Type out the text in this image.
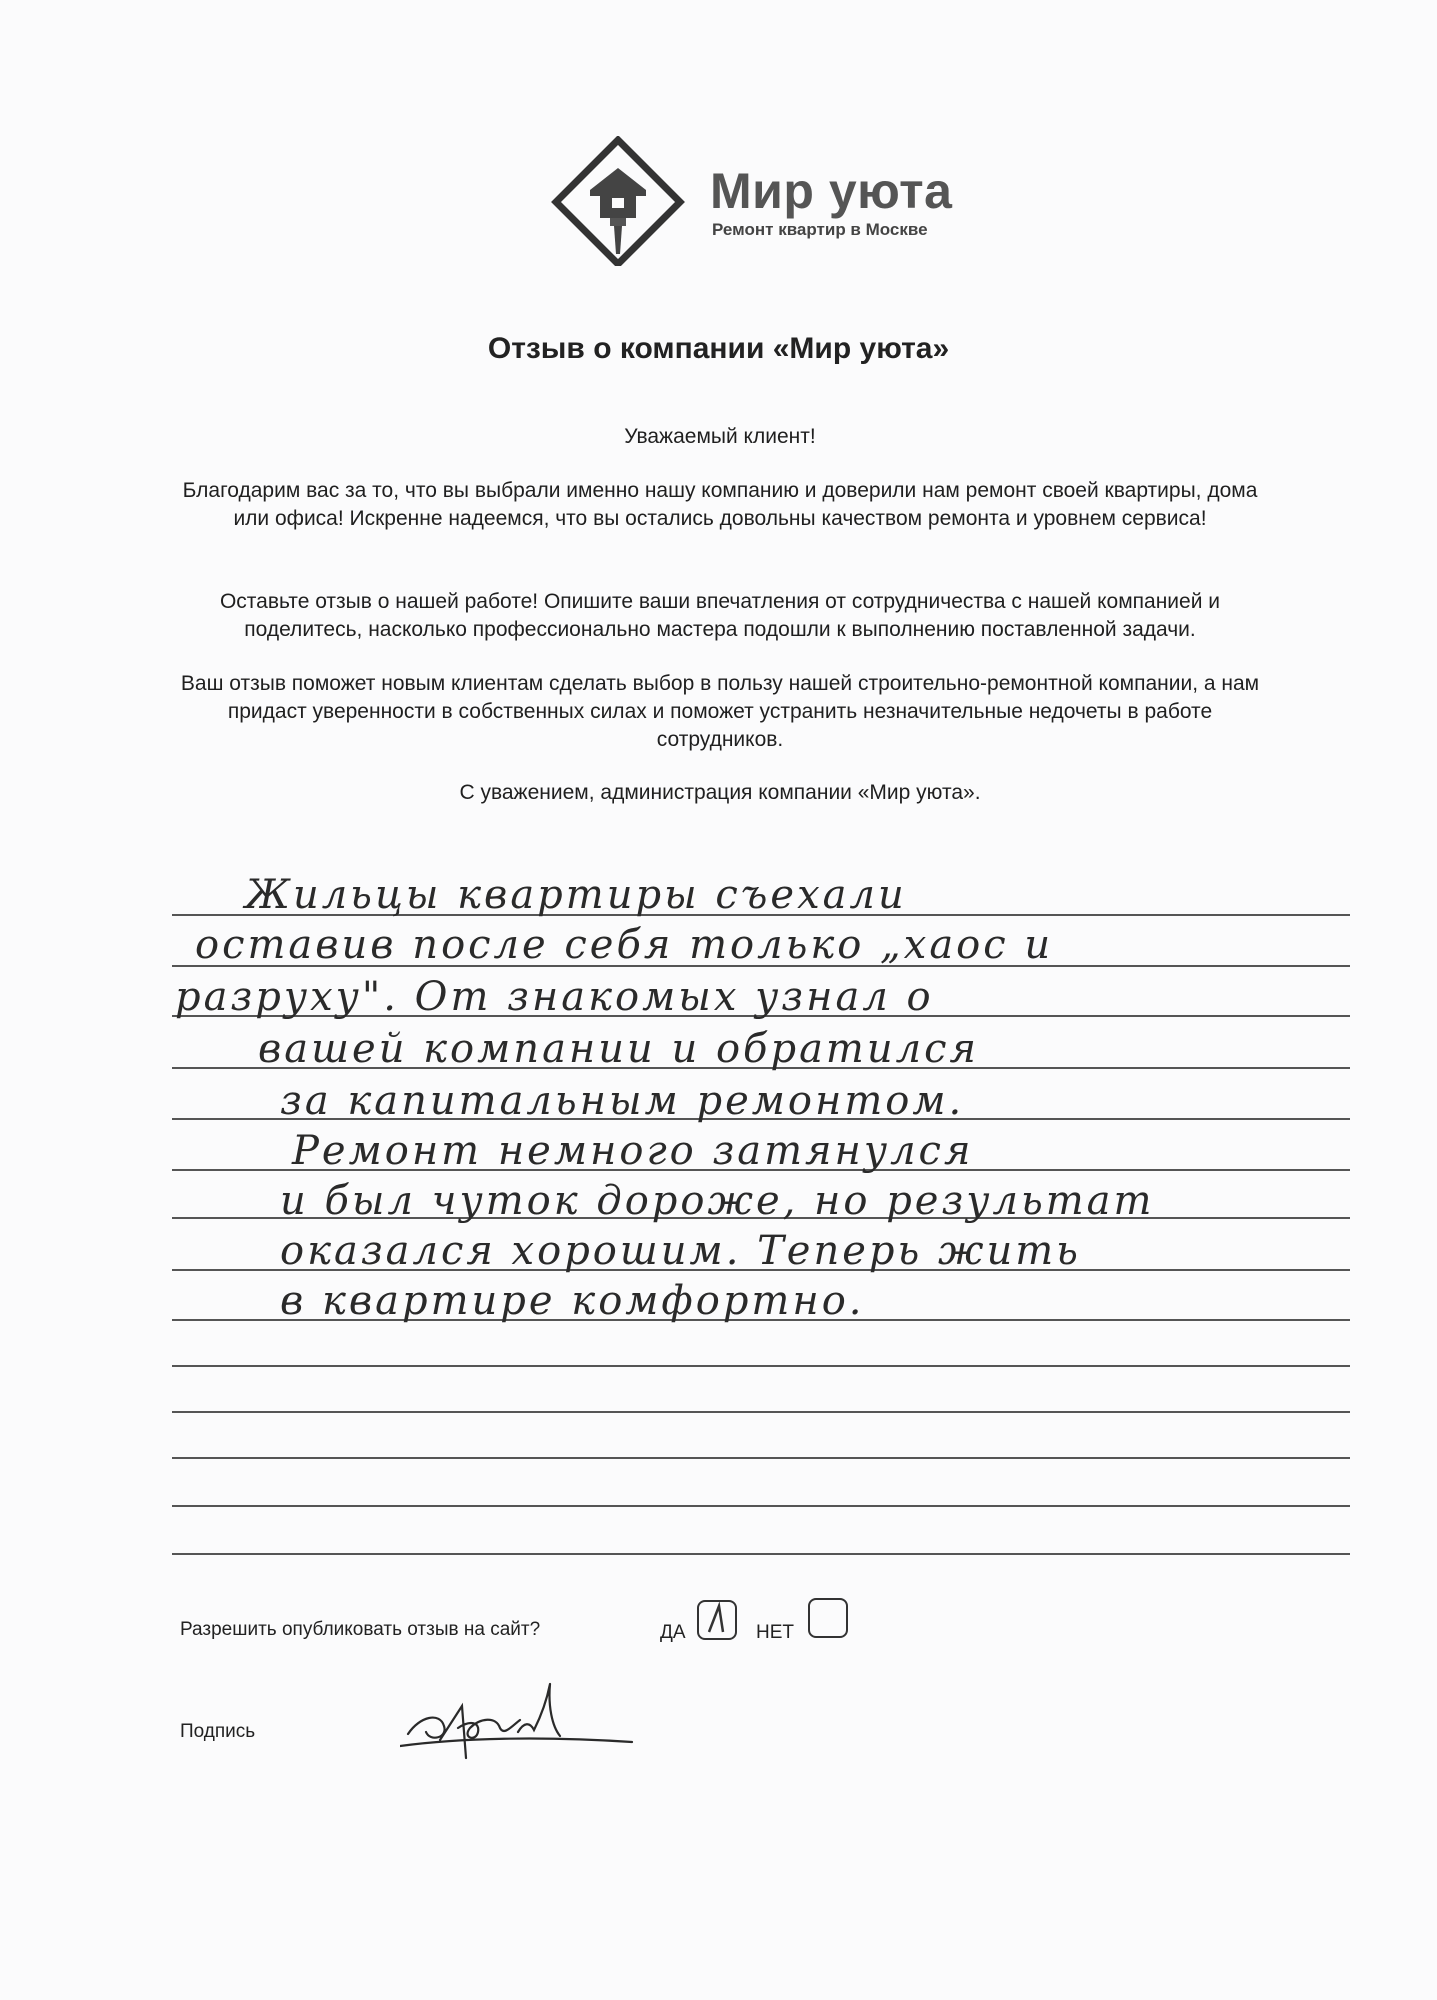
Мир уюта
Ремонт квартир в Москве
Отзыв о компании «Мир уюта»
Уважаемый клиент!
Благодарим вас за то, что вы выбрали именно нашу компанию и доверили нам ремонт своей квартиры, дома или офиса! Искренне надеемся, что вы остались довольны качеством ремонта и уровнем сервиса!
Оставьте отзыв о нашей работе! Опишите ваши впечатления от сотрудничества с нашей компанией и поделитесь, насколько профессионально мастера подошли к выполнению поставленной задачи.
Ваш отзыв поможет новым клиентам сделать выбор в пользу нашей строительно-ремонтной компании, а нам придаст уверенности в собственных силах и поможет устранить незначительные недочеты в работе сотрудников.
С уважением, администрация компании «Мир уюта».
Жильцы квартиры съехали
оставив после себя только „хаос и
разруху". От знакомых узнал о
вашей компании и обратился
за капитальным ремонтом.
Ремонт немного затянулся
и был чуток дороже, но результат
оказался хорошим. Теперь жить
в квартире комфортно.
Разрешить опубликовать отзыв на сайт?	ДА	НЕТ
Подпись
